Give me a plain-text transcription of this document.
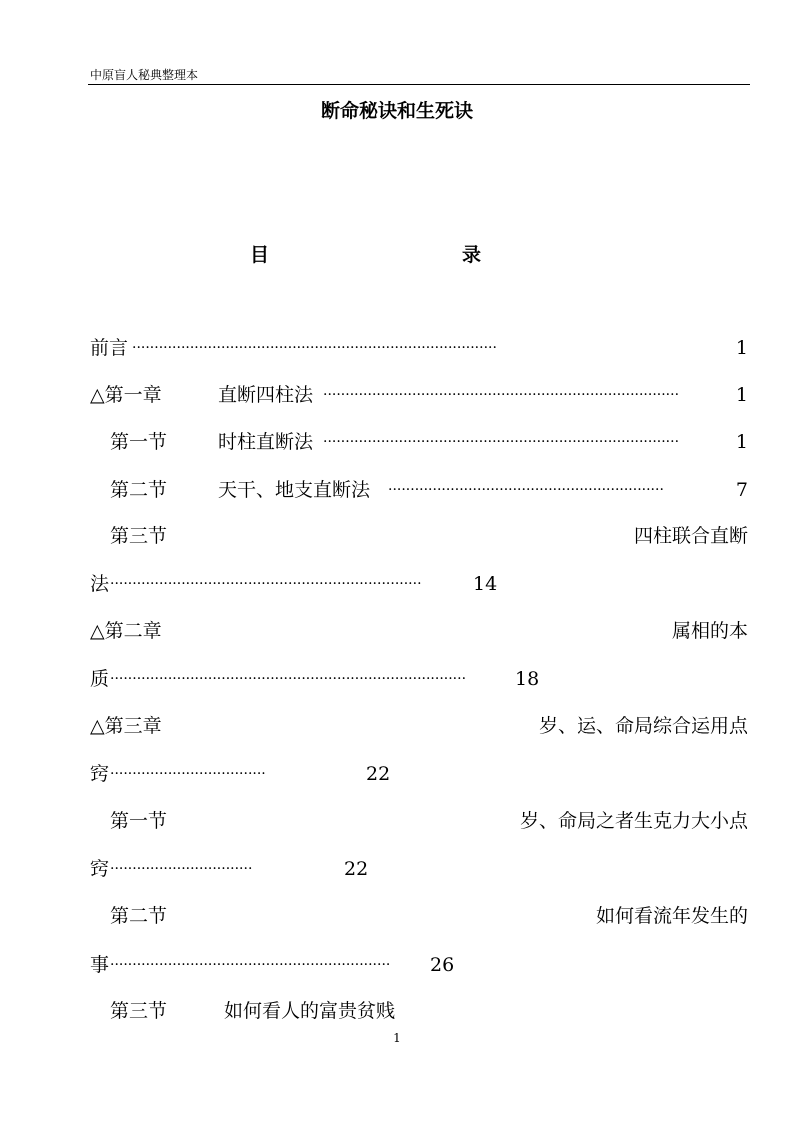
中原盲人秘典整理本
断命秘诀和生死诀
目	录
前言 ··················································································	1
△第一章	直断四柱法 ················································································	1
第一节	时柱直断法 ················································································	1
第二节	天干、地支直断法 ······························································	7
第三节	四柱联合直断
法 ······································································	14
△第二章	属相的本
质 ················································································	18
△第三章	岁、运、命局综合运用点
窍 ···································	22
第一节	岁、命局之者生克力大小点
窍 ································	22
第二节	如何看流年发生的
事 ······························································· 26
第三节	如何看人的富贵贫贱
1
